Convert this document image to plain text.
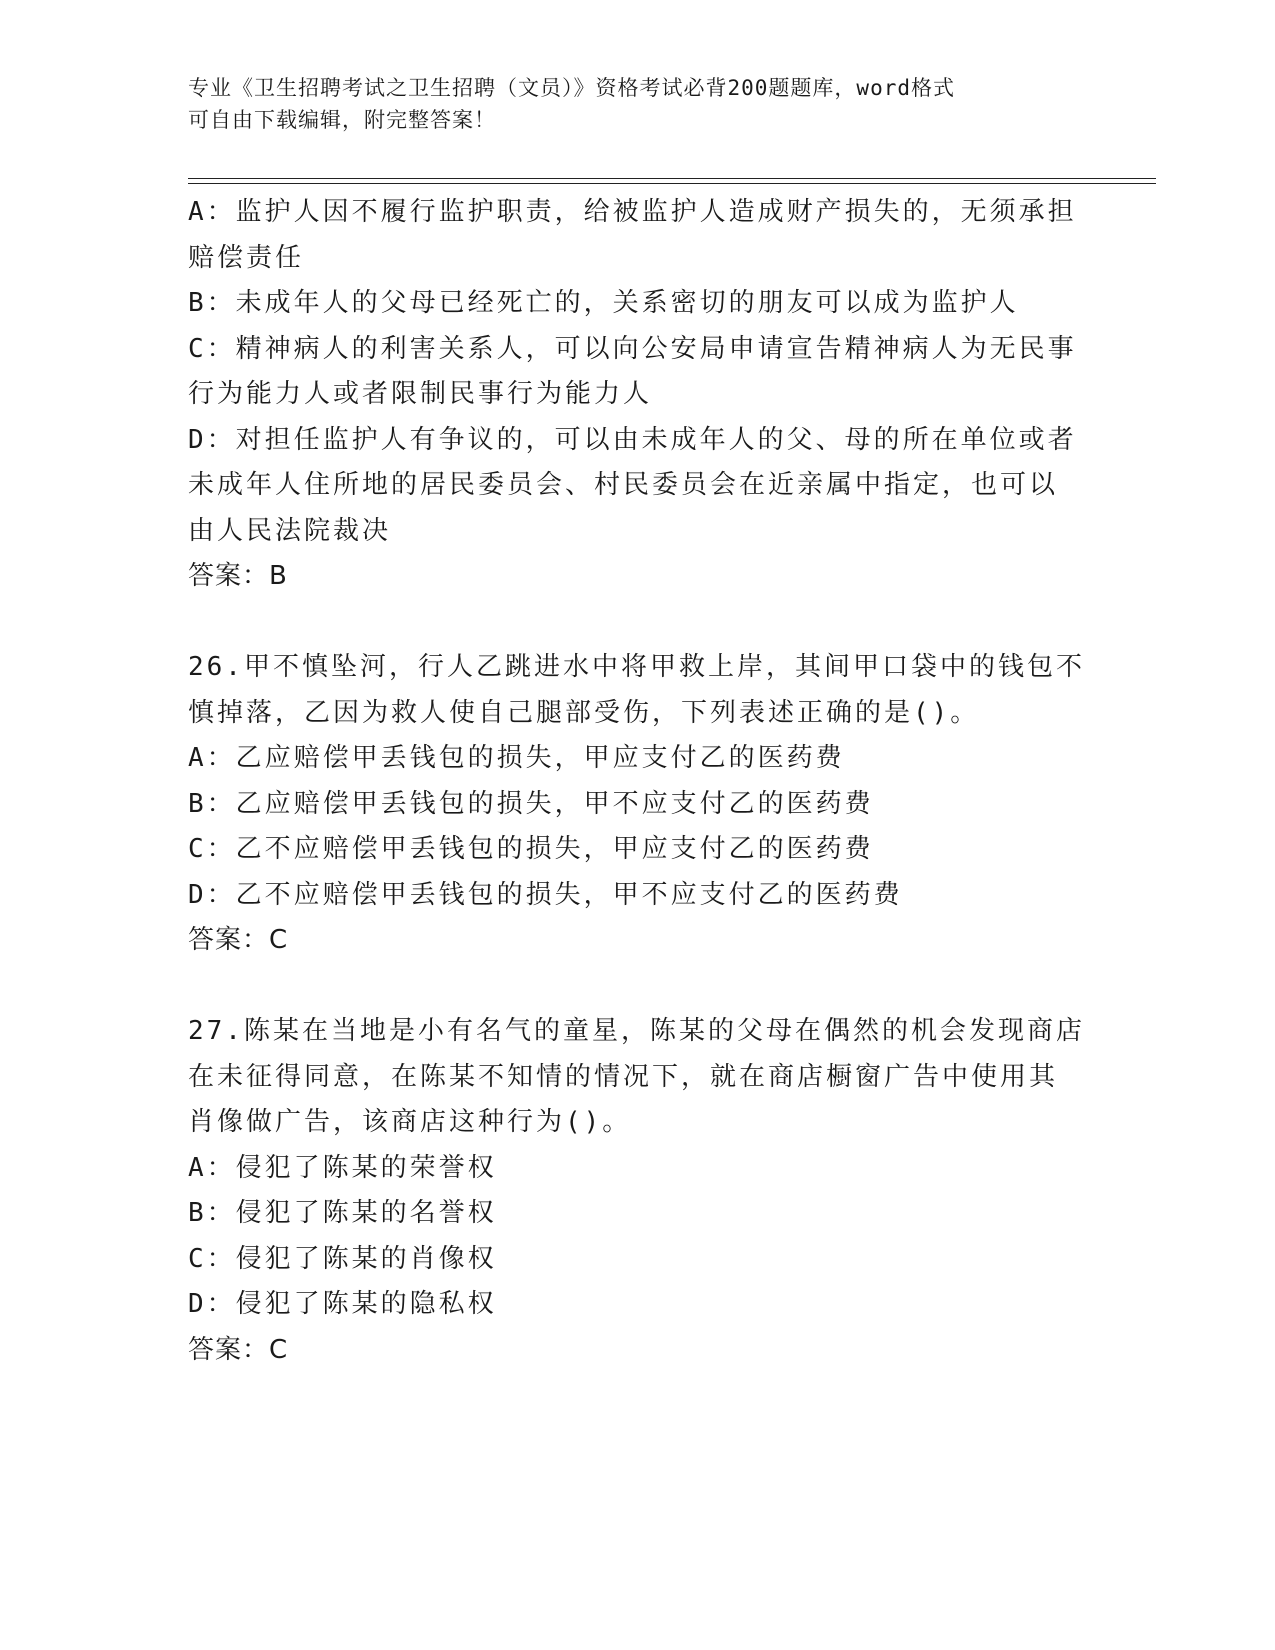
专业《卫生招聘考试之卫生招聘（文员）》资格考试必背200题题库，word格式
可自由下载编辑，附完整答案！
A：监护人因不履行监护职责，给被监护人造成财产损失的，无须承担
赔偿责任
B：未成年人的父母已经死亡的，关系密切的朋友可以成为监护人
C：精神病人的利害关系人，可以向公安局申请宣告精神病人为无民事
行为能力人或者限制民事行为能力人
D：对担任监护人有争议的，可以由未成年人的父、母的所在单位或者
未成年人住所地的居民委员会、村民委员会在近亲属中指定，也可以
由人民法院裁决
答案：B
26.甲不慎坠河，行人乙跳进水中将甲救上岸，其间甲口袋中的钱包不
慎掉落，乙因为救人使自己腿部受伤，下列表述正确的是()。
A：乙应赔偿甲丢钱包的损失，甲应支付乙的医药费
B：乙应赔偿甲丢钱包的损失，甲不应支付乙的医药费
C：乙不应赔偿甲丢钱包的损失，甲应支付乙的医药费
D：乙不应赔偿甲丢钱包的损失，甲不应支付乙的医药费
答案：C
27.陈某在当地是小有名气的童星，陈某的父母在偶然的机会发现商店
在未征得同意，在陈某不知情的情况下，就在商店橱窗广告中使用其
肖像做广告，该商店这种行为()。
A：侵犯了陈某的荣誉权
B：侵犯了陈某的名誉权
C：侵犯了陈某的肖像权
D：侵犯了陈某的隐私权
答案：C
